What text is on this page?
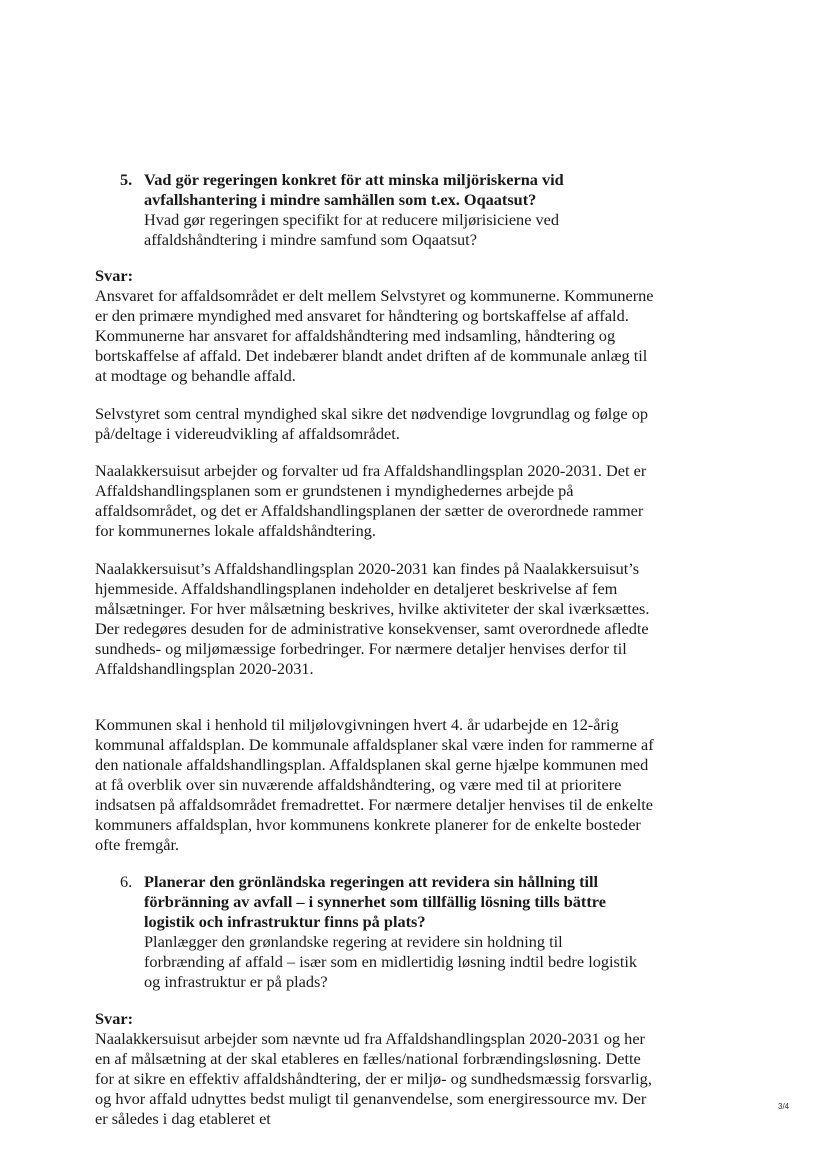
5. Vad gör regeringen konkret för att minska miljöriskerna vid avfallshantering i mindre samhällen som t.ex. Oqaatsut?
Hvad gør regeringen specifikt for at reducere miljørisiciene ved affaldshåndtering i mindre samfund som Oqaatsut?
Svar:

Ansvaret for affaldsområdet er delt mellem Selvstyret og kommunerne. Kommunerne er den primære myndighed med ansvaret for håndtering og bortskaffelse af affald. Kommunerne har ansvaret for affaldshåndtering med indsamling, håndtering og bortskaffelse af affald. Det indebærer blandt andet driften af de kommunale anlæg til at modtage og behandle affald.

Selvstyret som central myndighed skal sikre det nødvendige lovgrundlag og følge op på/deltage i videreudvikling af affaldsområdet.

Naalakkersuisut arbejder og forvalter ud fra Affaldshandlingsplan 2020-2031. Det er Affaldshandlingsplanen som er grundstenen i myndighedernes arbejde på affaldsområdet, og det er Affaldshandlingsplanen der sætter de overordnede rammer for kommunernes lokale affaldshåndtering.

Naalakkersuisut’s Affaldshandlingsplan 2020-2031 kan findes på Naalakkersuisut’s hjemmeside. Affaldshandlingsplanen indeholder en detaljeret beskrivelse af fem målsætninger. For hver målsætning beskrives, hvilke aktiviteter der skal iværksættes. Der redegøres desuden for de administrative konsekvenser, samt overordnede afledte sundheds- og miljømæssige forbedringer. For nærmere detaljer henvises derfor til Affaldshandlingsplan 2020-2031.

Kommunen skal i henhold til miljølovgivningen hvert 4. år udarbejde en 12-årig kommunal affaldsplan. De kommunale affaldsplaner skal være inden for rammerne af den nationale affaldshandlingsplan. Affaldsplanen skal gerne hjælpe kommunen med at få overblik over sin nuværende affaldshåndtering, og være med til at prioritere indsatsen på affaldsområdet fremadrettet. For nærmere detaljer henvises til de enkelte kommuners affaldsplan, hvor kommunens konkrete planerer for de enkelte bosteder ofte fremgår.

6. Planerar den grönländska regeringen att revidera sin hållning till förbränning av avfall – i synnerhet som tillfällig lösning tills bättre logistik och infrastruktur finns på plats?
Planlægger den grønlandske regering at revidere sin holdning til forbrænding af affald – især som en midlertidig løsning indtil bedre logistik og infrastruktur er på plads?
Svar:

Naalakkersuisut arbejder som nævnte ud fra Affaldshandlingsplan 2020-2031 og her en af målsætning at der skal etableres en fælles/national forbrændingsløsning. Dette for at sikre en effektiv affaldshåndtering, der er miljø- og sundhedsmæssig forsvarlig, og hvor affald udnyttes bedst muligt til genanvendelse, som energiressource mv. Der er således i dag etableret et

3/4
